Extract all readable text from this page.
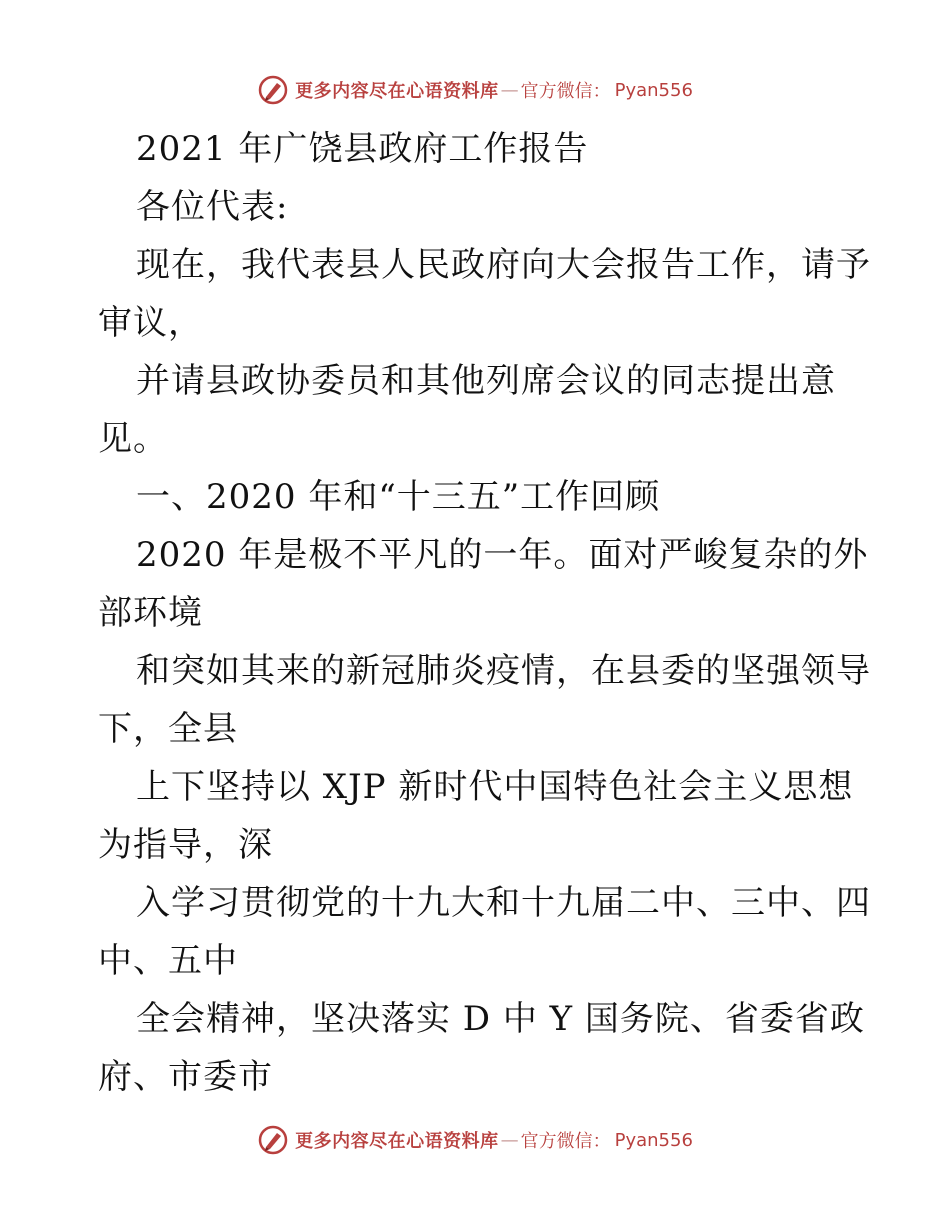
更多内容尽在心语资料库 — 官方微信 ： Pyan556
2021 年广饶县政府工作报告
各位代表:
现在，我代表县人民政府向大会报告工作，请予
审议，
并请县政协委员和其他列席会议的同志提出意
见。
一、2020 年和“十三五”工作回顾
2020 年是极不平凡的一年。面对严峻复杂的外
部环境
和突如其来的新冠肺炎疫情，在县委的坚强领导
下，全县
上下坚持以 XJP 新时代中国特色社会主义思想
为指导，深
入学习贯彻党的十九大和十九届二中、三中、四
中、五中
全会精神，坚决落实 D 中 Y 国务院、省委省政
府、市委市
更多内容尽在心语资料库 — 官方微信 ： Pyan556
